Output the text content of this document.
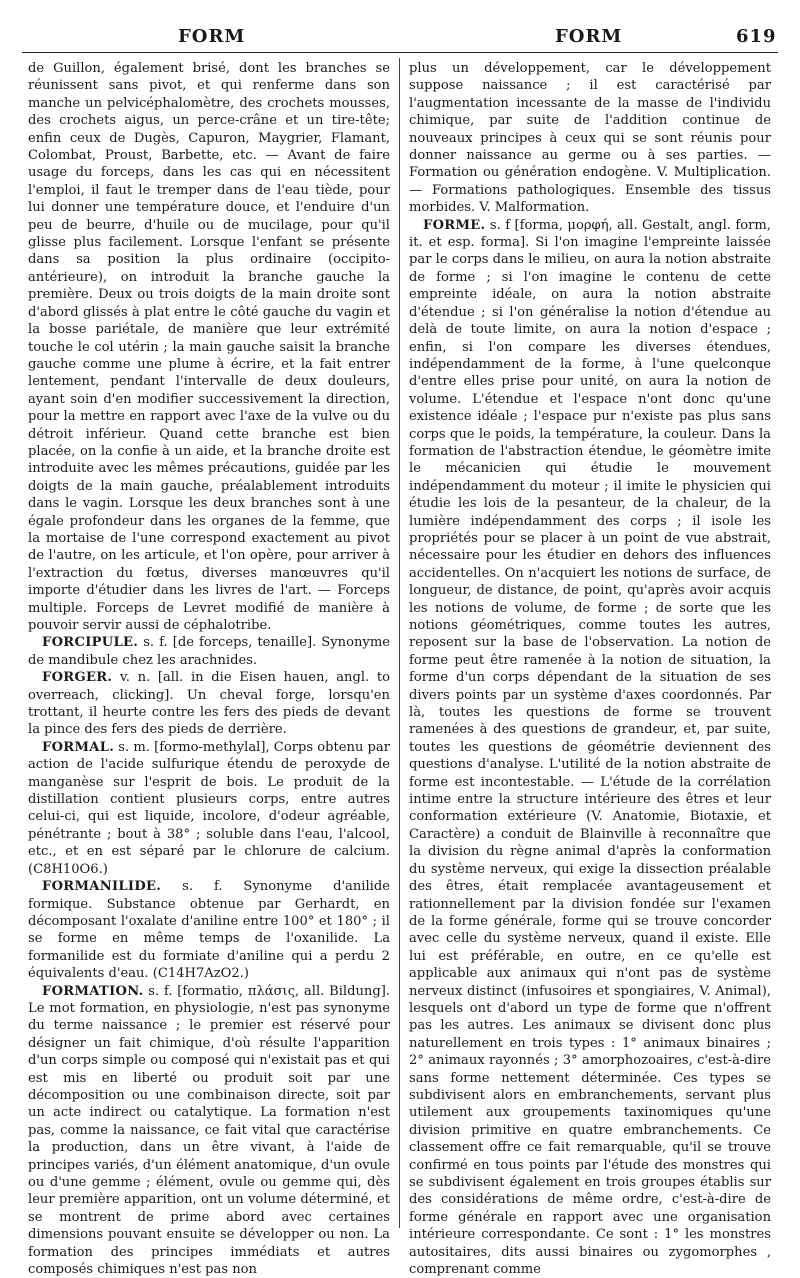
FORM	FORM	619

de Guillon, également brisé, dont les branches se réunissent sans pivot, et qui renferme dans son manche un pelvicéphalomètre, des crochets mousses, des crochets aigus, un perce-crâne et un tire-tête; enfin ceux de Dugès, Capuron, Maygrier, Flamant, Colombat, Proust, Barbette, etc. — Avant de faire usage du forceps, dans les cas qui en nécessitent l'emploi, il faut le tremper dans de l'eau tiède, pour lui donner une température douce, et l'enduire d'un peu de beurre, d'huile ou de mucilage, pour qu'il glisse plus facilement. Lorsque l'enfant se présente dans sa position la plus ordinaire (occipito-antérieure), on introduit la branche gauche la première. Deux ou trois doigts de la main droite sont d'abord glissés à plat entre le côté gauche du vagin et la bosse pariétale, de manière que leur extrémité touche le col utérin ; la main gauche saisit la branche gauche comme une plume à écrire, et la fait entrer lentement, pendant l'intervalle de deux douleurs, ayant soin d'en modifier successivement la direction, pour la mettre en rapport avec l'axe de la vulve ou du détroit inférieur. Quand cette branche est bien placée, on la confie à un aide, et la branche droite est introduite avec les mêmes précautions, guidée par les doigts de la main gauche, préalablement introduits dans le vagin. Lorsque les deux branches sont à une égale profondeur dans les organes de la femme, que la mortaise de l'une correspond exactement au pivot de l'autre, on les articule, et l'on opère, pour arriver à l'extraction du fœtus, diverses manœuvres qu'il importe d'étudier dans les livres de l'art. — Forceps multiple. Forceps de Levret modifié de manière à pouvoir servir aussi de céphalotribe.

FORCIPULE. s. f. [de forceps, tenaille]. Synonyme de mandibule chez les arachnides.

FORGER. v. n. [all. in die Eisen hauen, angl. to overreach, clicking]. Un cheval forge, lorsqu'en trottant, il heurte contre les fers des pieds de devant la pince des fers des pieds de derrière.

FORMAL. s. m. [formo-methylal], Corps obtenu par action de l'acide sulfurique étendu de peroxyde de manganèse sur l'esprit de bois. Le produit de la distillation contient plusieurs corps, entre autres celui-ci, qui est liquide, incolore, d'odeur agréable, pénétrante ; bout à 38° ; soluble dans l'eau, l'alcool, etc., et en est séparé par le chlorure de calcium. (C8H10O6.)

FORMANILIDE. s. f. Synonyme d'anilide formique. Substance obtenue par Gerhardt, en décomposant l'oxalate d'aniline entre 100° et 180° ; il se forme en même temps de l'oxanilide. La formanilide est du formiate d'aniline qui a perdu 2 équivalents d'eau. (C14H7AzO2.)

FORMATION. s. f. [formatio, πλάσις, all. Bildung]. Le mot formation, en physiologie, n'est pas synonyme du terme naissance ; le premier est réservé pour désigner un fait chimique, d'où résulte l'apparition d'un corps simple ou composé qui n'existait pas et qui est mis en liberté ou produit soit par une décomposition ou une combinaison directe, soit par un acte indirect ou catalytique. La formation n'est pas, comme la naissance, ce fait vital que caractérise la production, dans un être vivant, à l'aide de principes variés, d'un élément anatomique, d'un ovule ou d'une gemme ; élément, ovule ou gemme qui, dès leur première apparition, ont un volume déterminé, et se montrent de prime abord avec certaines dimensions pouvant ensuite se développer ou non. La formation des principes immédiats et autres composés chimiques n'est pas non

plus un développement, car le développement suppose naissance ; il est caractérisé par l'augmentation incessante de la masse de l'individu chimique, par suite de l'addition continue de nouveaux principes à ceux qui se sont réunis pour donner naissance au germe ou à ses parties. — Formation ou génération endogène. V. Multiplication. — Formations pathologiques. Ensemble des tissus morbides. V. Malformation.

FORME. s. f [forma, μορφή, all. Gestalt, angl. form, it. et esp. forma]. Si l'on imagine l'empreinte laissée par le corps dans le milieu, on aura la notion abstraite de forme ; si l'on imagine le contenu de cette empreinte idéale, on aura la notion abstraite d'étendue ; si l'on généralise la notion d'étendue au delà de toute limite, on aura la notion d'espace ; enfin, si l'on compare les diverses étendues, indépendamment de la forme, à l'une quelconque d'entre elles prise pour unité, on aura la notion de volume. L'étendue et l'espace n'ont donc qu'une existence idéale ; l'espace pur n'existe pas plus sans corps que le poids, la température, la couleur. Dans la formation de l'abstraction étendue, le géomètre imite le mécanicien qui étudie le mouvement indépendamment du moteur ; il imite le physicien qui étudie les lois de la pesanteur, de la chaleur, de la lumière indépendamment des corps ; il isole les propriétés pour se placer à un point de vue abstrait, nécessaire pour les étudier en dehors des influences accidentelles. On n'acquiert les notions de surface, de longueur, de distance, de point, qu'après avoir acquis les notions de volume, de forme ; de sorte que les notions géométriques, comme toutes les autres, reposent sur la base de l'observation. La notion de forme peut être ramenée à la notion de situation, la forme d'un corps dépendant de la situation de ses divers points par un système d'axes coordonnés. Par là, toutes les questions de forme se trouvent ramenées à des questions de grandeur, et, par suite, toutes les questions de géométrie deviennent des questions d'analyse. L'utilité de la notion abstraite de forme est incontestable. — L'étude de la corrélation intime entre la structure intérieure des êtres et leur conformation extérieure (V. Anatomie, Biotaxie, et Caractère) a conduit de Blainville à reconnaître que la division du règne animal d'après la conformation du système nerveux, qui exige la dissection préalable des êtres, était remplacée avantageusement et rationnellement par la division fondée sur l'examen de la forme générale, forme qui se trouve concorder avec celle du système nerveux, quand il existe. Elle lui est préférable, en outre, en ce qu'elle est applicable aux animaux qui n'ont pas de système nerveux distinct (infusoires et spongiaires, V. Animal), lesquels ont d'abord un type de forme que n'offrent pas les autres. Les animaux se divisent donc plus naturellement en trois types : 1° animaux binaires ; 2° animaux rayonnés ; 3° amorphozoaires, c'est-à-dire sans forme nettement déterminée. Ces types se subdivisent alors en embranchements, servant plus utilement aux groupements taxinomiques qu'une division primitive en quatre embranchements. Ce classement offre ce fait remarquable, qu'il se trouve confirmé en tous points par l'étude des monstres qui se subdivisent également en trois groupes établis sur des considérations de même ordre, c'est-à-dire de forme générale en rapport avec une organisation intérieure correspondante. Ce sont : 1° les monstres autositaires, dits aussi binaires ou zygomorphes , comprenant comme
